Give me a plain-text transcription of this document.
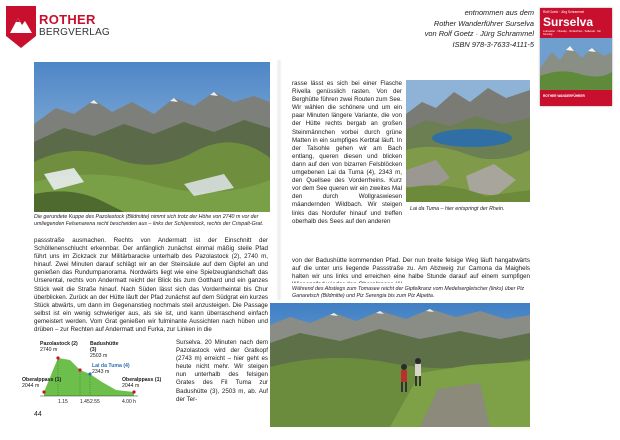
ROTHER
BERGVERLAG
entnommen aus dem
Rother Wanderführer Surselva
von Rolf Goetz · Jürg Schrammel
ISBN 978-3-7633-4111-5
Rolf Goetz · Jürg Schrammel
Surselva
Lukmanier · Oberalp · Vorderrhein · Safiental · Val Sumvitg
ROTHER WANDERFÜHRER
Die gerundete Kuppe des Pazolastock (Bildmitte) nimmt sich trotz der Höhe von 2740 m vor der umliegenden Felsenarena recht bescheiden aus – links der Schijenstock, rechts der Crispalt-Grat.
passstraße ausmachen. Rechts von Andermatt ist der Einschnitt der Schöllenenschlucht erkennbar. Der anfänglich zunächst einmal mäßig steile Pfad führt uns im Zickzack zur Militärbaracke unterhalb des Pazolastock (2), 2740 m, hinauf. Zwei Minuten darauf schlägt wir an der Steinsäule auf dem Gipfel an und genießen das Rundumpanorama. Nordwärts liegt wie eine Spielzeuglandschaft das Urserental, rechts von Andermatt reicht der Blick bis zum Gotthard und ein ganzes Stück weit die Straße hinauf. Nach Süden lässt sich das Vorderrheintal bis Chur überblicken. Zurück an der Hütte läuft der Pfad zunächst auf dem Südgrat ein kurzes Stück abwärts, um dann im Gegenanstieg nochmals steil anzusteigen. Die Passage selbst ist ein wenig schwieriger aus, als sie ist, und kann überraschend einfach gemeistert werden. Vom Grat genießen wir fulminante Aussichten nach hüben und drüben – zur Rechten auf Andermatt und Furka, zur Linken in die
Pazolastock (2)
2740 m
Badushütte
(3)
2503 m
Lai da Tuma (4)
2343 m
Oberalppass (1)
2044 m
Oberalppass (1)
2044 m
1.15 1.45 2.55	4.00 h
Surselva. 20 Minuten nach dem Pazolastock wird der Gratkopf (2743 m) erreicht – hier geht es heute nicht mehr. Wir steigen nun unterhalb des felsigen Grates des Fil Tuma zur Badushütte (3), 2503 m, ab. Auf der Ter-
44
rasse lässt es sich bei einer Flasche Rivella genüsslich rasten. Von der Berghütte führen zwei Routen zum See. Wir wählen die schönere und um ein paar Minuten längere Variante, die von der Hütte rechts bergab an großen Steinmännchen vorbei durch grüne Matten in ein sumpfiges Kerbtal läuft. In der Talsohle gehen wir am Bach entlang, queren diesen und blicken dann auf den von bizarren Felsblöcken umgebenen Lai da Tuma (4), 2343 m, den Quellsee des Vorderrheins. Kurz vor dem See queren wir ein zweites Mal den durch Wollgraswiesen mäandernden Wildbach. Wir steigen links das Nordufer hinauf und treffen oberhalb des Sees auf den anderen
Lai da Tuma – hier entspringt der Rhein.
von der Badushütte kommenden Pfad. Der nun breite felsige Weg läuft hangabwärts auf die unter uns liegende Passstraße zu. Am Abzweig zur Camona da Maighels halten wir uns links und erreichen eine halbe Stunde darauf auf einem sumpfigen
Während des Abstiegs zum Tomasee reicht der Gipfelkranz vom Medelsergletscher (links) über Piz Ganaretsch (Bildmitte) und Piz Serengia bis zum Piz Alpetta.
